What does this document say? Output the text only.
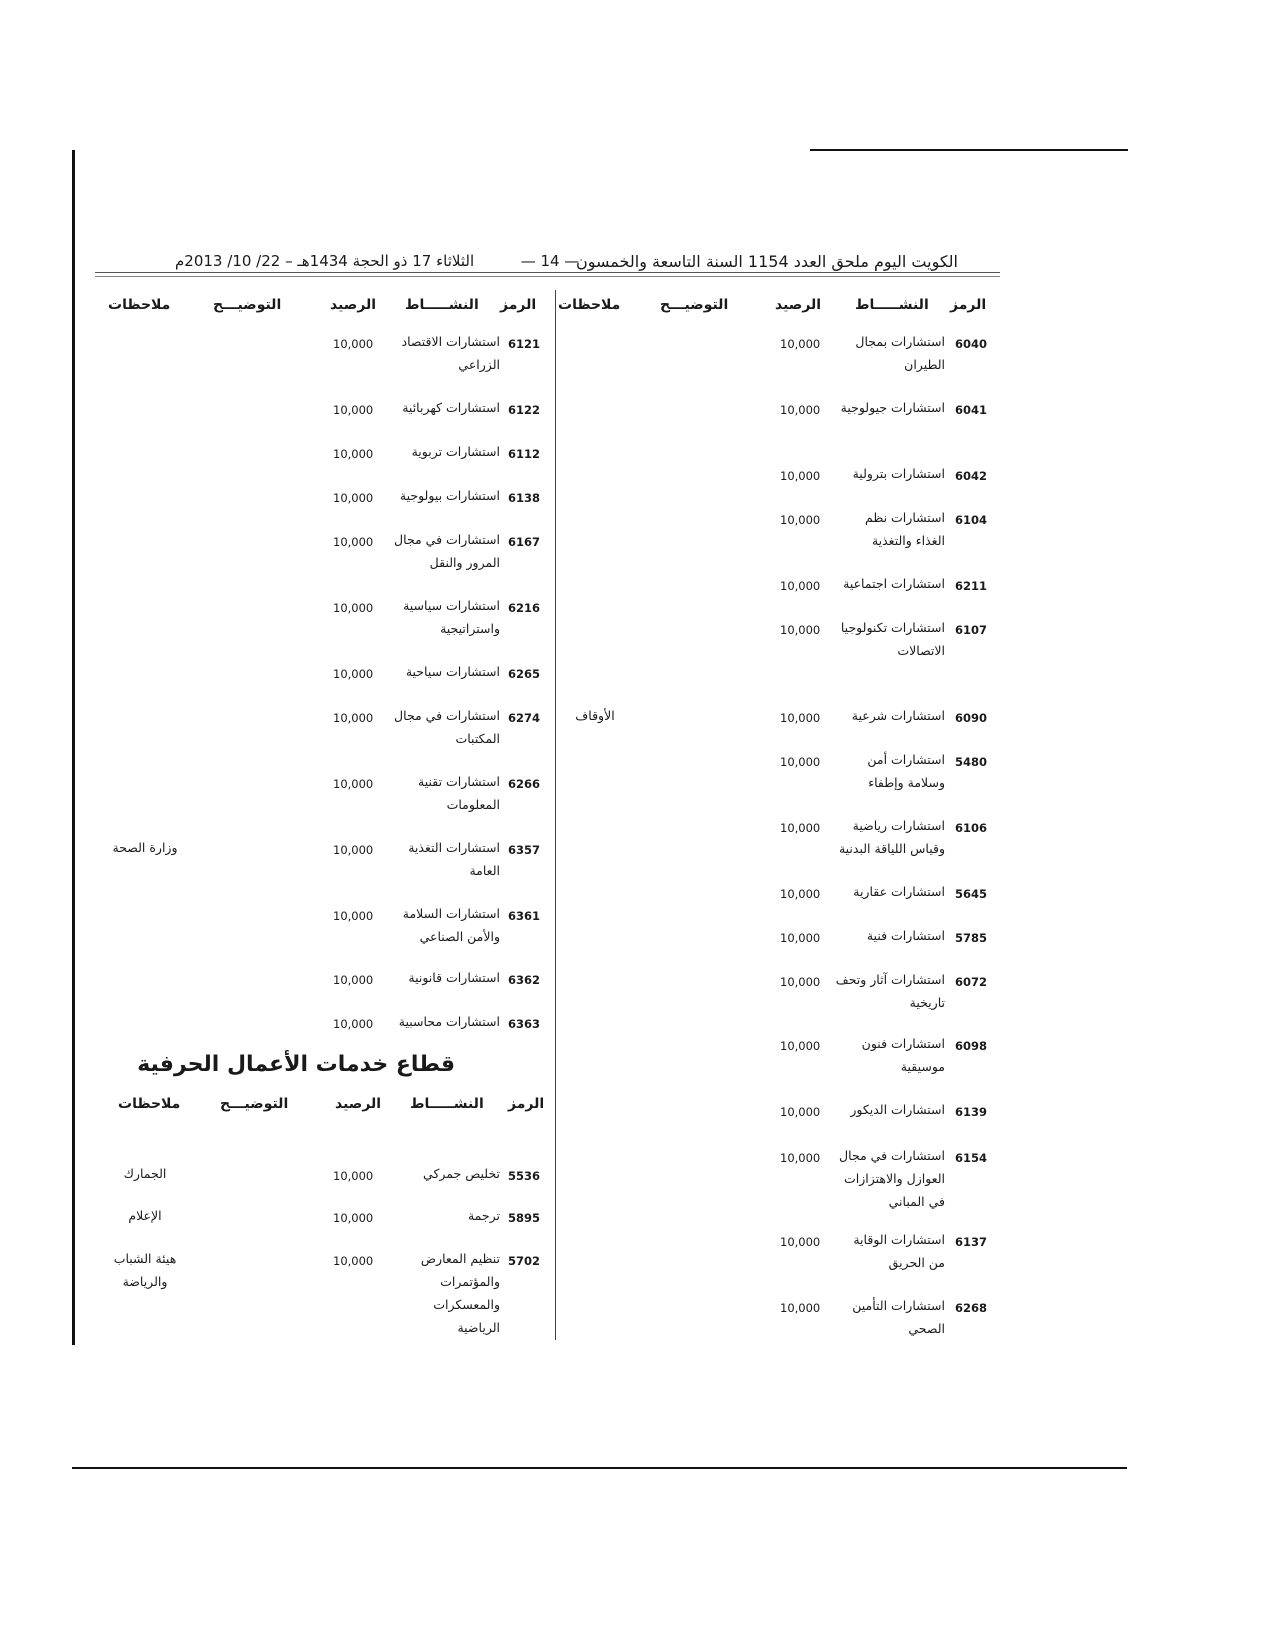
الكويت اليوم ملحق العدد 1154 السنة التاسعة والخمسون
— 14 —
الثلاثاء 17 ذو الحجة 1434هـ – 22/ 10/ 2013م
الرمز
النشـــــاط
الرصيد
التوضيـــح
ملاحظات
الرمز
النشـــــاط
الرصيد
التوضيـــح
ملاحظات
6040
استشارات بمجال الطيران
10,000
6041
استشارات جيولوجية
10,000
6042
استشارات بترولية
10,000
6104
استشارات نظم الغذاء والتغذية
10,000
6211
استشارات اجتماعية
10,000
6107
استشارات تكنولوجيا الاتصالات
10,000
6090
استشارات شرعية
10,000
الأوقاف
5480
استشارات أمن وسلامة وإطفاء
10,000
6106
استشارات رياضية وقياس اللياقة البدنية
10,000
5645
استشارات عقارية
10,000
5785
استشارات فنية
10,000
6072
استشارات آثار وتحف تاريخية
10,000
6098
استشارات فنون موسيقية
10,000
6139
استشارات الديكور
10,000
6154
استشارات في مجال العوازل والاهتزازات في المباني
10,000
6137
استشارات الوقاية من الحريق
10,000
6268
استشارات التأمين الصحي
10,000
6121
استشارات الاقتصاد الزراعي
10,000
6122
استشارات كهربائية
10,000
6112
استشارات تربوية
10,000
6138
استشارات بيولوجية
10,000
6167
استشارات في مجال المرور والنقل
10,000
6216
استشارات سياسية واستراتيجية
10,000
6265
استشارات سياحية
10,000
6274
استشارات في مجال المكتبات
10,000
6266
استشارات تقنية المعلومات
10,000
6357
استشارات التغذية العامة
10,000
وزارة الصحة
6361
استشارات السلامة والأمن الصناعي
10,000
6362
استشارات قانونية
10,000
6363
استشارات محاسبية
10,000
قطاع خدمات الأعمال الحرفية
الرمز
النشـــــاط
الرصيد
التوضيـــح
ملاحظات
5536
تخليص جمركي
10,000
الجمارك
5895
ترجمة
10,000
الإعلام
5702
تنظيم المعارض والمؤتمرات والمعسكرات الرياضية
10,000
هيئة الشباب والرياضة
